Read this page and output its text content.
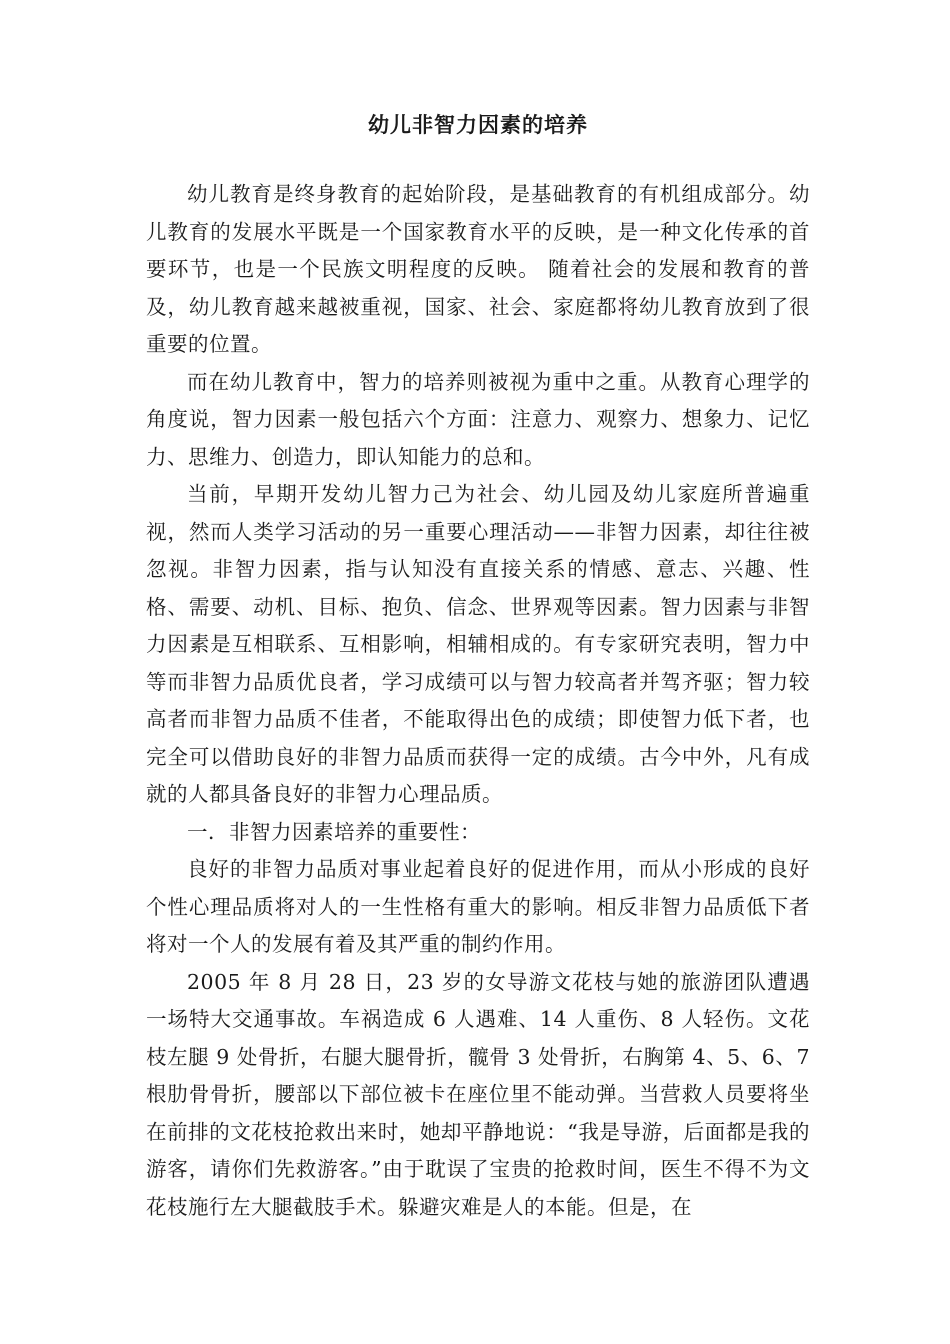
幼儿非智力因素的培养

幼儿教育是终身教育的起始阶段，是基础教育的有机组成部分。幼儿教育的发展水平既是一个国家教育水平的反映，是一种文化传承的首要环节，也是一个民族文明程度的反映。 随着社会的发展和教育的普及，幼儿教育越来越被重视，国家、社会、家庭都将幼儿教育放到了很重要的位置。

而在幼儿教育中，智力的培养则被视为重中之重。从教育心理学的角度说，智力因素一般包括六个方面：注意力、观察力、想象力、记忆力、思维力、创造力，即认知能力的总和。

当前，早期开发幼儿智力己为社会、幼儿园及幼儿家庭所普遍重视，然而人类学习活动的另一重要心理活动——非智力因素，却往往被忽视。非智力因素，指与认知没有直接关系的情感、意志、兴趣、性格、需要、动机、目标、抱负、信念、世界观等因素。智力因素与非智力因素是互相联系、互相影响，相辅相成的。有专家研究表明，智力中等而非智力品质优良者，学习成绩可以与智力较高者并驾齐驱；智力较高者而非智力品质不佳者，不能取得出色的成绩；即使智力低下者，也完全可以借助良好的非智力品质而获得一定的成绩。古今中外，凡有成就的人都具备良好的非智力心理品质。

一．非智力因素培养的重要性：

良好的非智力品质对事业起着良好的促进作用，而从小形成的良好个性心理品质将对人的一生性格有重大的影响。相反非智力品质低下者将对一个人的发展有着及其严重的制约作用。

2005 年 8 月 28 日，23 岁的女导游文花枝与她的旅游团队遭遇一场特大交通事故。车祸造成 6 人遇难、14 人重伤、8 人轻伤。文花枝左腿 9 处骨折，右腿大腿骨折，髋骨 3 处骨折，右胸第 4、5、6、7 根肋骨骨折，腰部以下部位被卡在座位里不能动弹。当营救人员要将坐在前排的文花枝抢救出来时，她却平静地说：“我是导游，后面都是我的游客，请你们先救游客。”由于耽误了宝贵的抢救时间，医生不得不为文花枝施行左大腿截肢手术。躲避灾难是人的本能。但是，在
